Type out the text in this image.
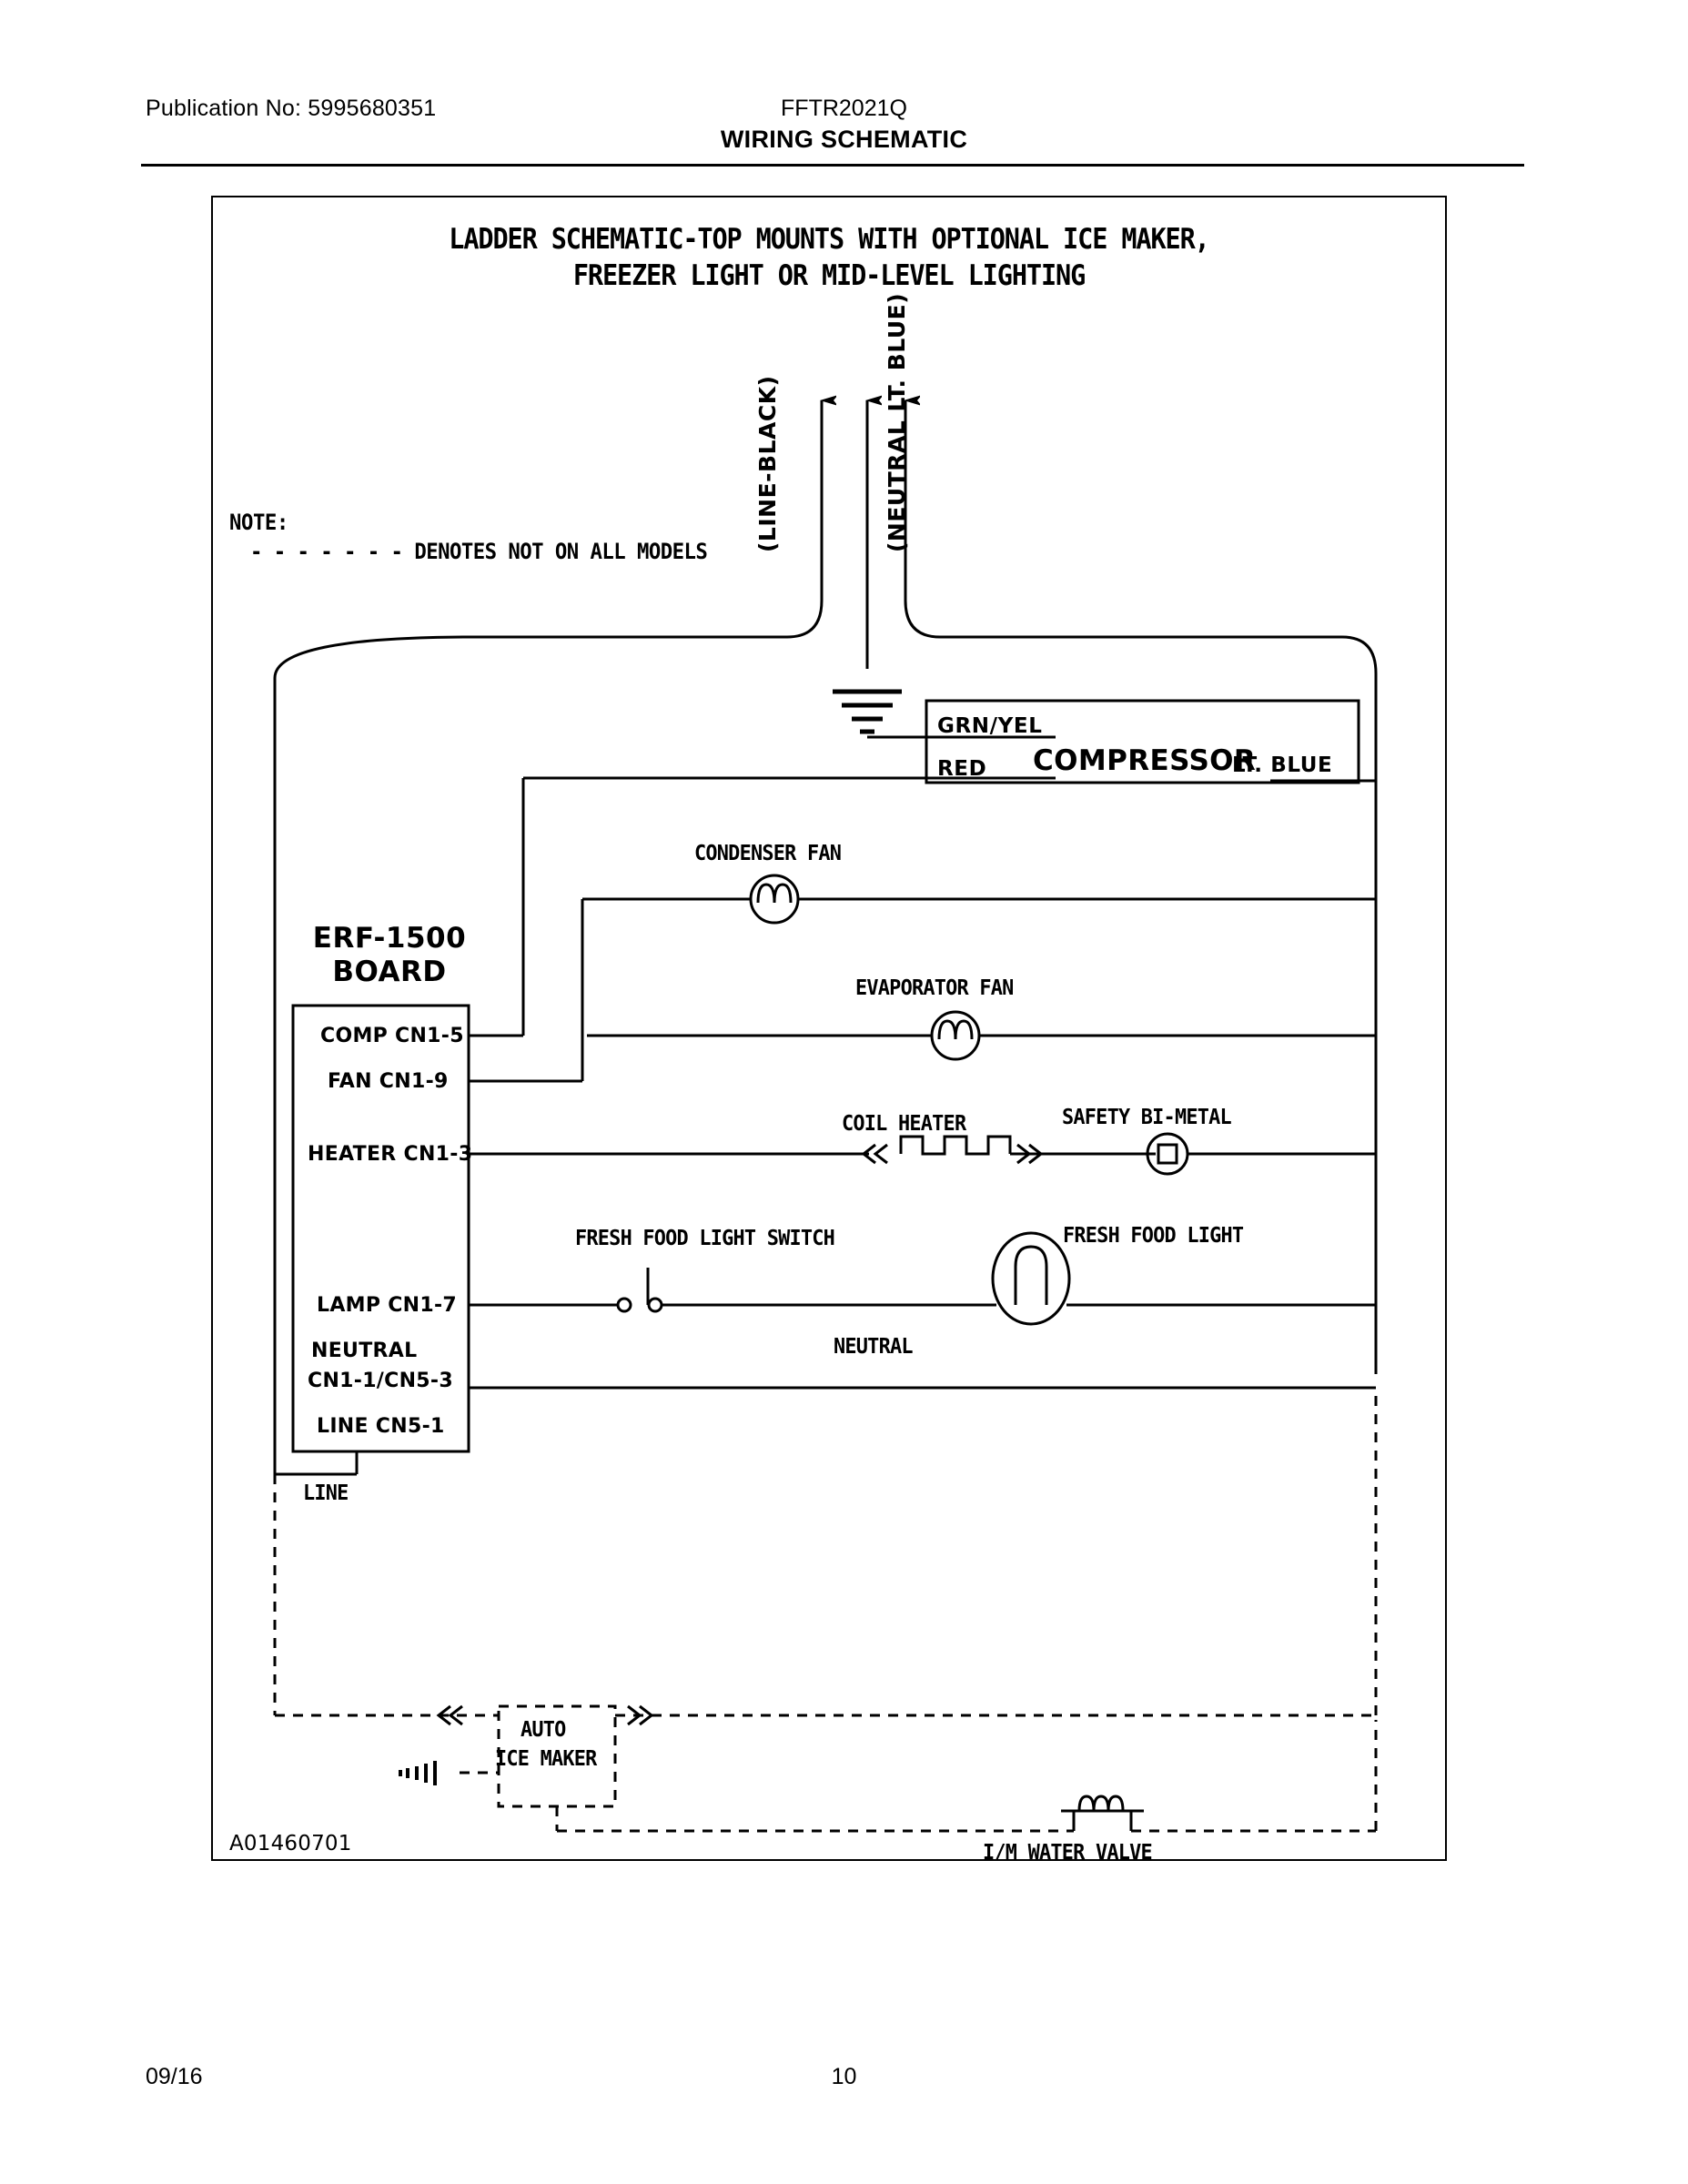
Publication No: 5995680351	FFTR2021Q
WIRING SCHEMATIC
LADDER SCHEMATIC-TOP MOUNTS WITH OPTIONAL ICE MAKER,
FREEZER LIGHT OR MID-LEVEL LIGHTING
NOTE:
- - - - - - - DENOTES NOT ON ALL MODELS (LINE-BLACK)	(NEUTRAL LT. BLUE)
GRN/YEL
RED COMPRESSOR
LT. BLUE
ERF-1500
BOARD
COMP CN1-5
FAN CN1-9
HEATER CN1-3
LAMP CN1-7
NEUTRAL
CN1-1/CN5-3
LINE CN5-1
CONDENSER FAN
EVAPORATOR FAN
COIL HEATER	SAFETY BI-METAL
FRESH FOOD LIGHT SWITCH	FRESH FOOD LIGHT
NEUTRAL
LINE
AUTO
ICE MAKER
I/M WATER VALVE
A01460701
09/16	10
